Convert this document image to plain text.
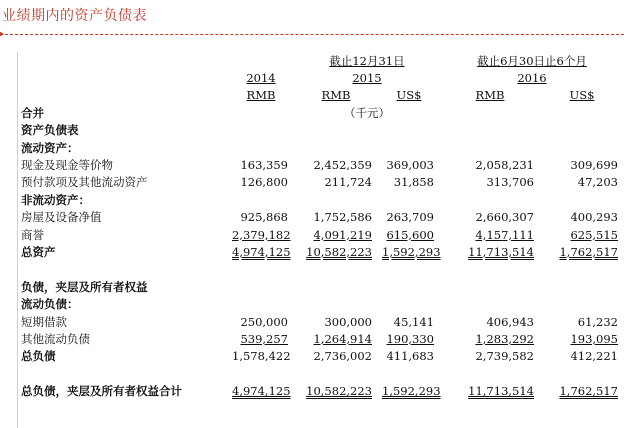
业绩期内的资产负债表
		截止12月31日		截止6月30日止6个月	
	2014	2015		2016	
	RMB	RMB	US$	RMB	US$
合并		（千元）			
资产负债表					
流动资产：					
现金及现金等价物	163,359	2,452,359	369,003	2,058,231	309,699
预付款项及其他流动资产	126,800	211,724	31,858	313,706	47,203
非流动资产：					
房屋及设备净值	925,868	1,752,586	263,709	2,660,307	400,293
商誉	2,379,182	4,091,219	615,600	4,157,111	625,515
总资产	4,974,125	10,582,223	1,592,293	11,713,514	1,762,517

负债，夹层及所有者权益					
流动负债：					
短期借款	250,000	300,000	45,141	406,943	61,232
其他流动负债	539,257	1,264,914	190,330	1,283,292	193,095
总负债	1,578,422	2,736,002	411,683	2,739,582	412,221

总负债，夹层及所有者权益合计	4,974,125	10,582,223	1,592,293	11,713,514	1,762,517
